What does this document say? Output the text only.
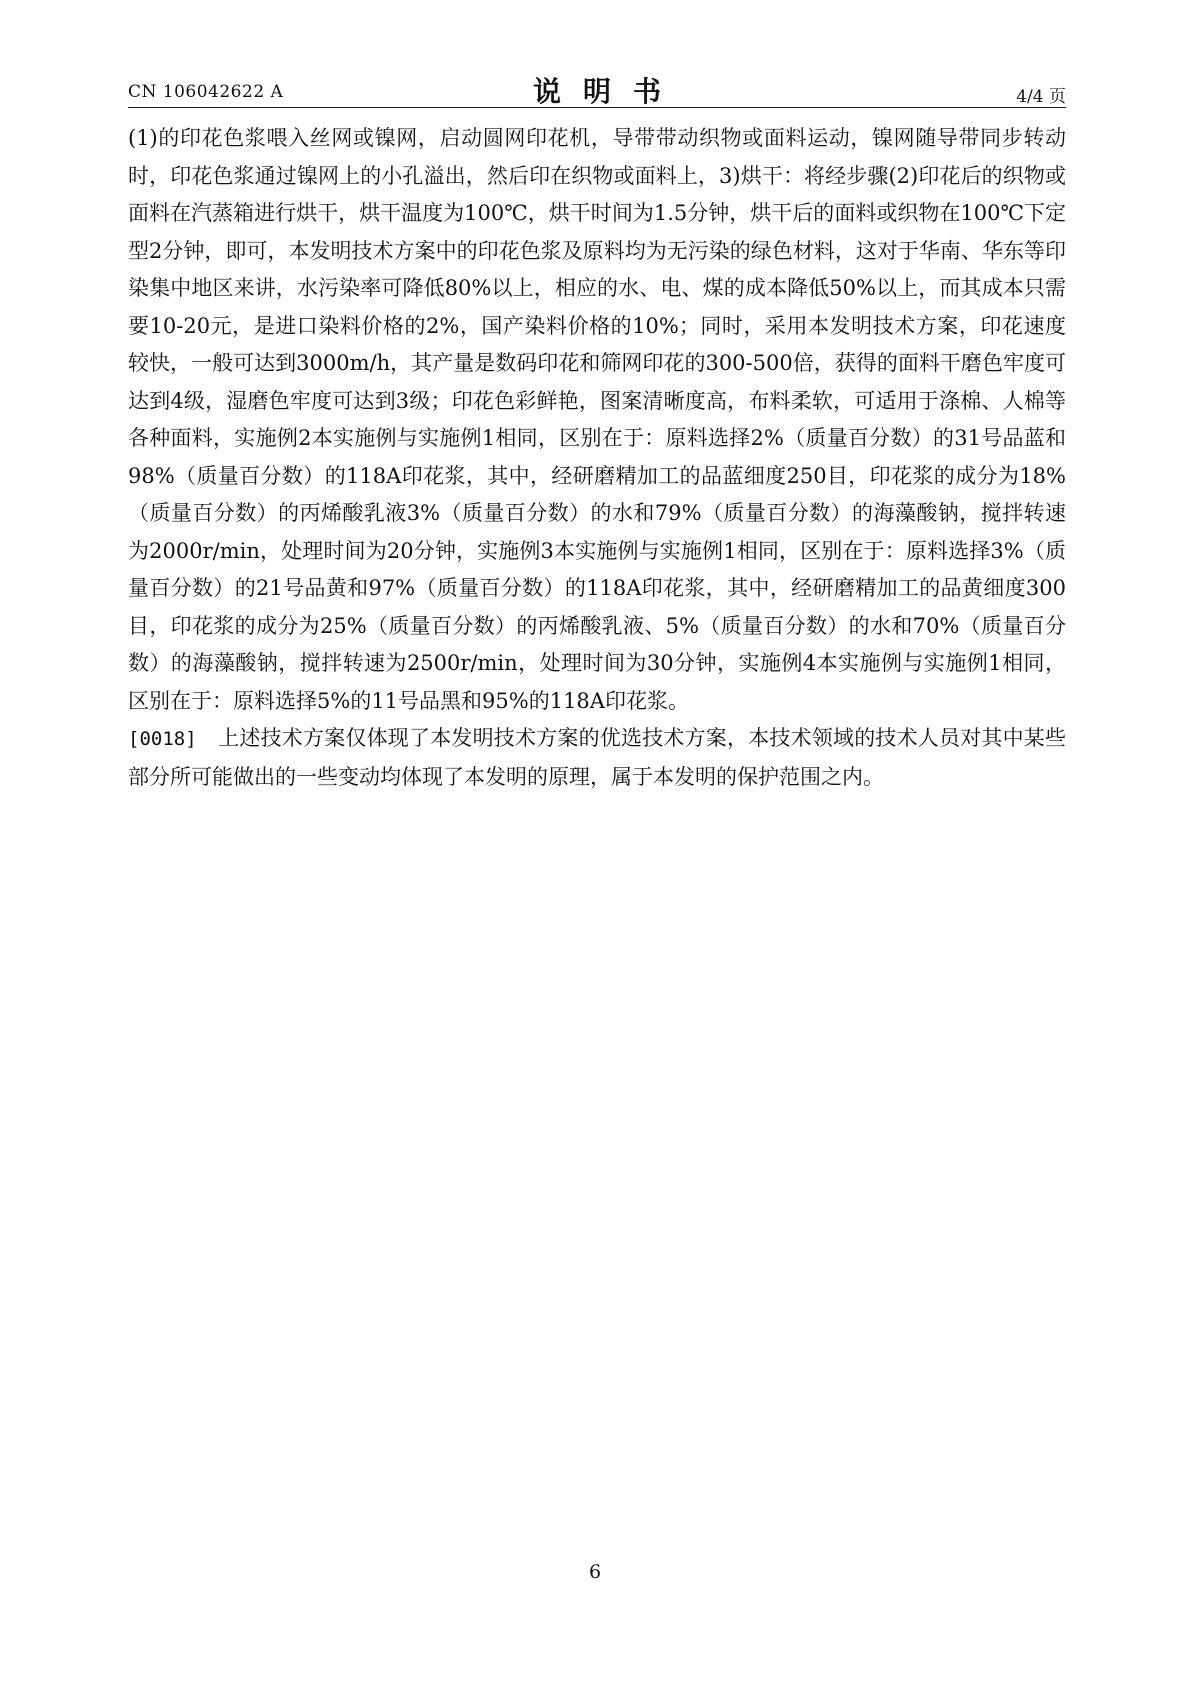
CN 106042622 A	说明书	4/4 页

(1)的印花色浆喂入丝网或镍网，启动圆网印花机，导带带动织物或面料运动，镍网随导带同步转动时，印花色浆通过镍网上的小孔溢出，然后印在织物或面料上，3)烘干：将经步骤(2)印花后的织物或面料在汽蒸箱进行烘干，烘干温度为100℃，烘干时间为1.5分钟，烘干后的面料或织物在100℃下定型2分钟，即可，本发明技术方案中的印花色浆及原料均为无污染的绿色材料，这对于华南、华东等印染集中地区来讲，水污染率可降低80%以上，相应的水、电、煤的成本降低50%以上，而其成本只需要10-20元，是进口染料价格的2%，国产染料价格的10%；同时，采用本发明技术方案，印花速度较快，一般可达到3000m/h，其产量是数码印花和筛网印花的300-500倍，获得的面料干磨色牢度可达到4级，湿磨色牢度可达到3级；印花色彩鲜艳，图案清晰度高，布料柔软，可适用于涤棉、人棉等各种面料，实施例2本实施例与实施例1相同，区别在于：原料选择2%（质量百分数）的31号品蓝和98%（质量百分数）的118A印花浆，其中，经研磨精加工的品蓝细度250目，印花浆的成分为18%（质量百分数）的丙烯酸乳液3%（质量百分数）的水和79%（质量百分数）的海藻酸钠，搅拌转速为2000r/min，处理时间为20分钟，实施例3本实施例与实施例1相同，区别在于：原料选择3%（质量百分数）的21号品黄和97%（质量百分数）的118A印花浆，其中，经研磨精加工的品黄细度300目，印花浆的成分为25%（质量百分数）的丙烯酸乳液、5%（质量百分数）的水和70%（质量百分数）的海藻酸钠，搅拌转速为2500r/min，处理时间为30分钟，实施例4本实施例与实施例1相同，区别在于：原料选择5%的11号品黑和95%的118A印花浆。

[0018] 上述技术方案仅体现了本发明技术方案的优选技术方案，本技术领域的技术人员对其中某些部分所可能做出的一些变动均体现了本发明的原理，属于本发明的保护范围之内。

6
